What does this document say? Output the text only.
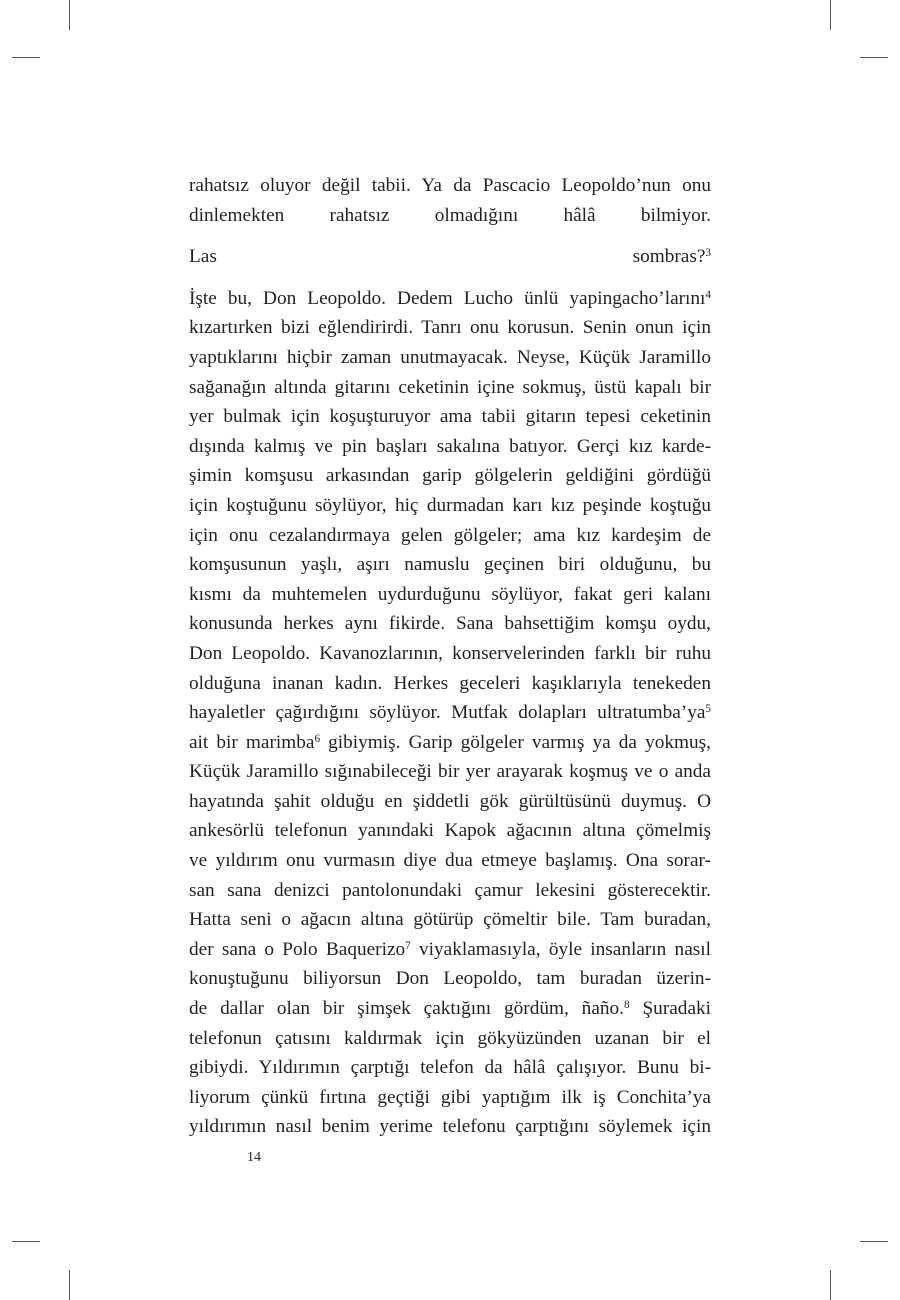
rahatsız oluyor değil tabii. Ya da Pascacio Leopoldo’nun onu
dinlemekten rahatsız olmadığını hâlâ bilmiyor.
Las sombras?$^3$
İşte bu, Don Leopoldo. Dedem Lucho ünlü yapingacho’larını$^4$
kızartırken bizi eğlendirirdi. Tanrı onu korusun. Senin onun için
yaptıklarını hiçbir zaman unutmayacak. Neyse, Küçük Jaramillo
sağanağın altında gitarını ceketinin içine sokmuş, üstü kapalı bir
yer bulmak için koşuşturuyor ama tabii gitarın tepesi ceketinin
dışında kalmış ve pin başları sakalına batıyor. Gerçi kız karde-
şimin komşusu arkasından garip gölgelerin geldiğini gördüğü
için koştuğunu söylüyor, hiç durmadan karı kız peşinde koştuğu
için onu cezalandırmaya gelen gölgeler; ama kız kardeşim de
komşusunun yaşlı, aşırı namuslu geçinen biri olduğunu, bu
kısmı da muhtemelen uydurduğunu söylüyor, fakat geri kalanı
konusunda herkes aynı fikirde. Sana bahsettiğim komşu oydu,
Don Leopoldo. Kavanozlarının, konservelerinden farklı bir ruhu
olduğuna inanan kadın. Herkes geceleri kaşıklarıyla tenekeden
hayaletler çağırdığını söylüyor. Mutfak dolapları $ultratumba’ya^5$
ait bir marimba$^6$ gibiymiş. Garip gölgeler varmış ya da yokmuş,
Küçük Jaramillo sığınabileceği bir yer arayarak koşmuş ve o anda
hayatında şahit olduğu en şiddetli gök gürültüsünü duymuş. O
ankesörlü telefonun yanındaki Kapok ağacının altına çömelmiş
ve yıldırım onu vurmasın diye dua etmeye başlamış. Ona sorar-
san sana denizci pantolonundaki çamur lekesini gösterecektir.
Hatta seni o ağacın altına götürüp çömeltir bile. Tam buradan,
der sana o Polo Baquerizo$^7$ viyaklamasıyla, öyle insanların nasıl
konuştuğunu biliyorsun Don Leopoldo, tam buradan üzerin-
de dallar olan bir şimşek çaktığını gördüm, ñaño.$^8$ Şuradaki
telefonun çatısını kaldırmak için gökyüzünden uzanan bir el
gibiydi. Yıldırımın çarptığı telefon da hâlâ çalışıyor. Bunu bi-
liyorum çünkü fırtına geçtiği gibi yaptığım ilk iş Conchita’ya
yıldırımın nasıl benim yerime telefonu çarptığını söylemek için
14
